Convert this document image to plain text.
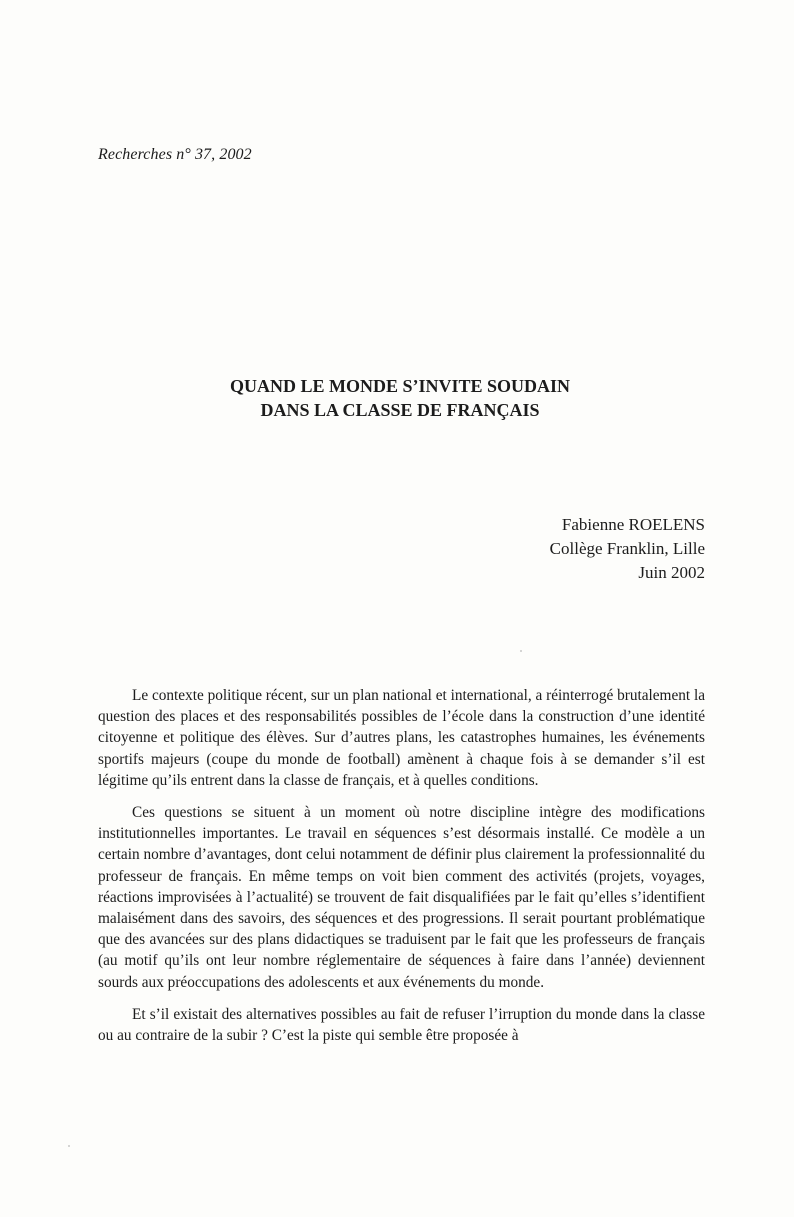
Recherches n° 37, 2002
QUAND LE MONDE S’INVITE SOUDAIN
DANS LA CLASSE DE FRANÇAIS
Fabienne ROELENS
Collège Franklin, Lille
Juin 2002

Le contexte politique récent, sur un plan national et international, a réinterrogé brutalement la question des places et des responsabilités possibles de l’école dans la construction d’une identité citoyenne et politique des élèves. Sur d’autres plans, les catastrophes humaines, les événements sportifs majeurs (coupe du monde de football) amènent à chaque fois à se demander s’il est légitime qu’ils entrent dans la classe de français, et à quelles conditions.

Ces questions se situent à un moment où notre discipline intègre des modifications institutionnelles importantes. Le travail en séquences s’est désormais installé. Ce modèle a un certain nombre d’avantages, dont celui notamment de définir plus clairement la professionnalité du professeur de français. En même temps on voit bien comment des activités (projets, voyages, réactions improvisées à l’actualité) se trouvent de fait disqualifiées par le fait qu’elles s’identifient malaisément dans des savoirs, des séquences et des progressions. Il serait pourtant problématique que des avancées sur des plans didactiques se traduisent par le fait que les professeurs de français (au motif qu’ils ont leur nombre réglementaire de séquences à faire dans l’année) deviennent sourds aux préoccupations des adolescents et aux événements du monde.

Et s’il existait des alternatives possibles au fait de refuser l’irruption du monde dans la classe ou au contraire de la subir ? C’est la piste qui semble être proposée à
